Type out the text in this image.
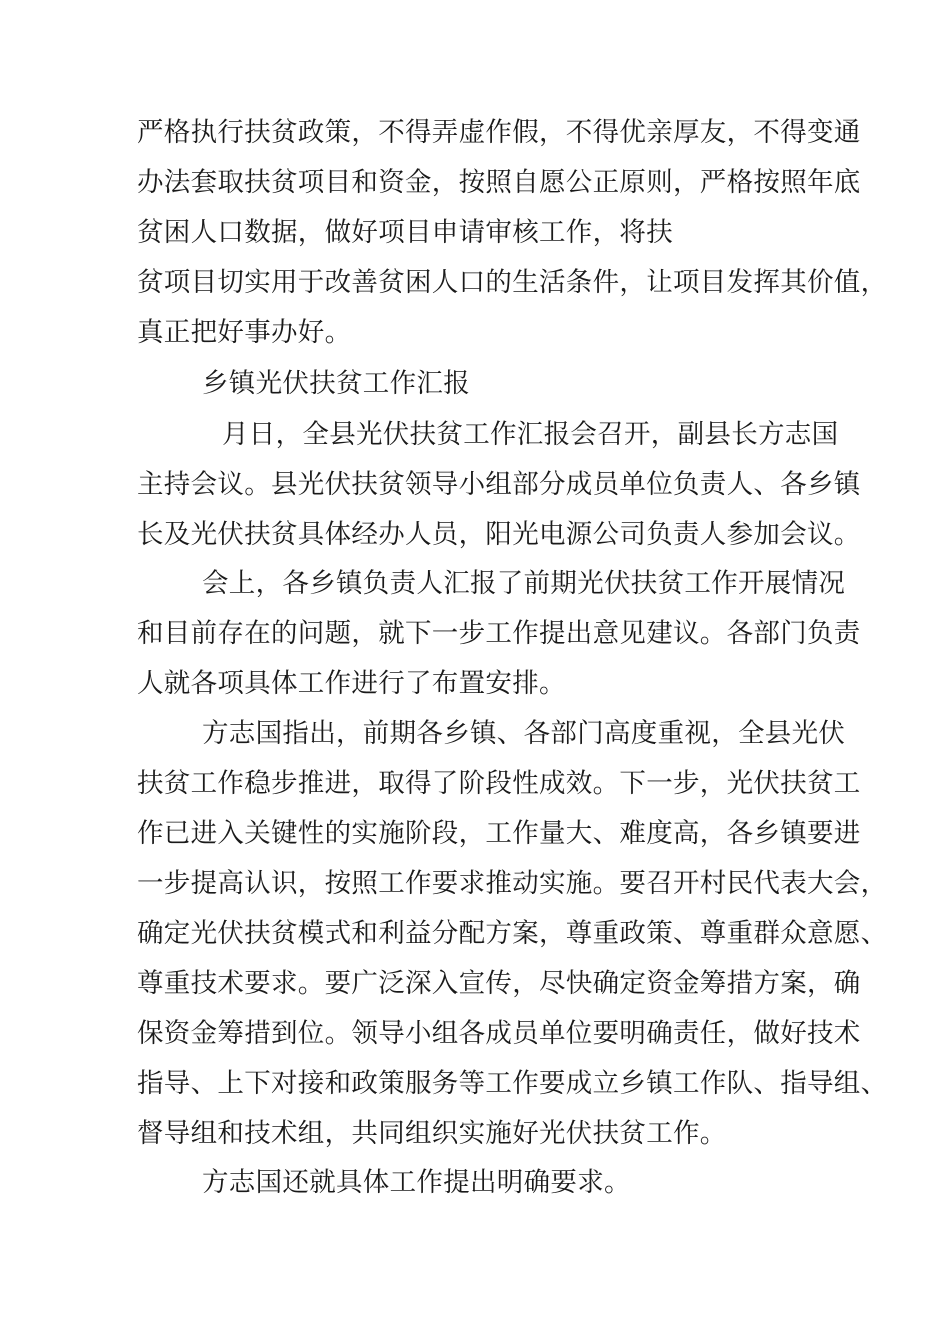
严格执行扶贫政策，不得弄虚作假，不得优亲厚友，不得变通
办法套取扶贫项目和资金，按照自愿公正原则，严格按照年底
贫困人口数据，做好项目申请审核工作，将扶
贫项目切实用于改善贫困人口的生活条件，让项目发挥其价值，
真正把好事办好。
乡镇光伏扶贫工作汇报
月日，全县光伏扶贫工作汇报会召开，副县长方志国
主持会议。县光伏扶贫领导小组部分成员单位负责人、各乡镇
长及光伏扶贫具体经办人员，阳光电源公司负责人参加会议。
会上，各乡镇负责人汇报了前期光伏扶贫工作开展情况
和目前存在的问题，就下一步工作提出意见建议。各部门负责
人就各项具体工作进行了布置安排。
方志国指出，前期各乡镇、各部门高度重视，全县光伏
扶贫工作稳步推进，取得了阶段性成效。下一步，光伏扶贫工
作已进入关键性的实施阶段，工作量大、难度高，各乡镇要进
一步提高认识，按照工作要求推动实施。要召开村民代表大会，
确定光伏扶贫模式和利益分配方案，尊重政策、尊重群众意愿、
尊重技术要求。要广泛深入宣传，尽快确定资金筹措方案，确
保资金筹措到位。领导小组各成员单位要明确责任，做好技术
指导、上下对接和政策服务等工作要成立乡镇工作队、指导组、
督导组和技术组，共同组织实施好光伏扶贫工作。
方志国还就具体工作提出明确要求。
